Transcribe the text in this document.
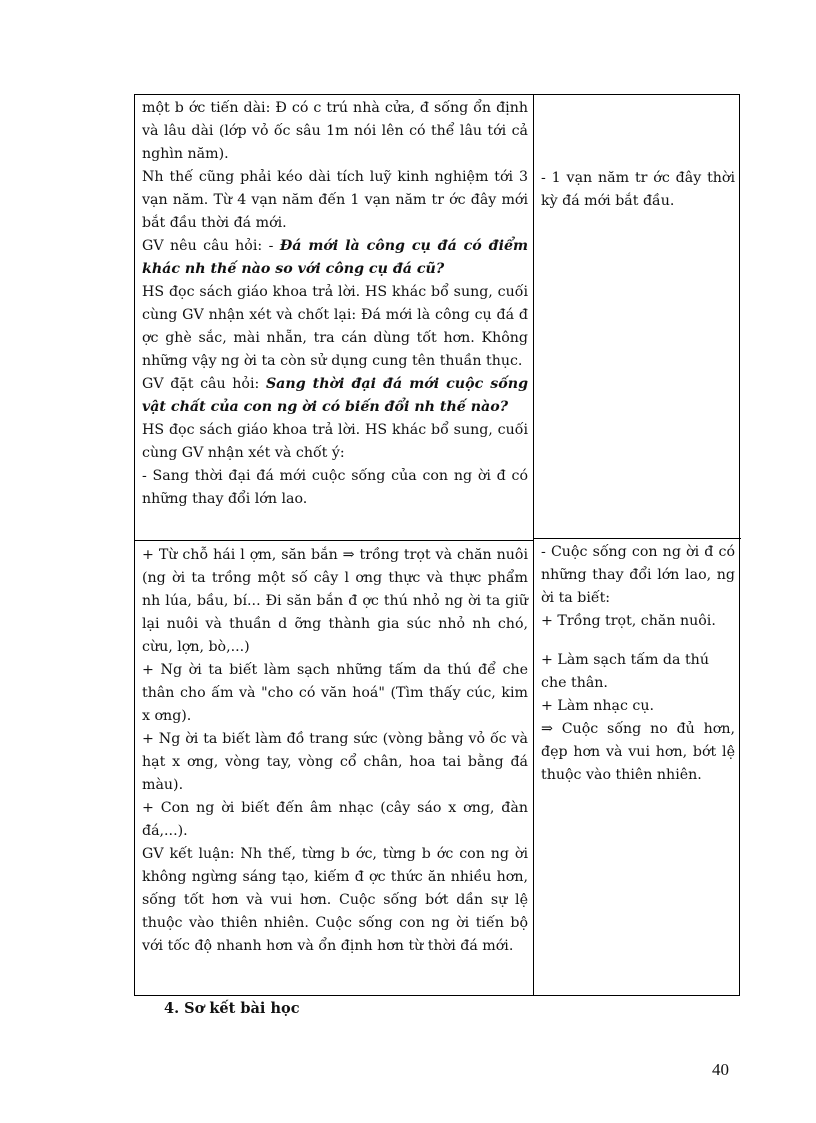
một b ớc tiến dài: Đ có c trú nhà cửa, đ sống ổn định và lâu dài (lớp vỏ ốc sâu 1m nói lên có thể lâu tới cả nghìn năm).

Nh thế cũng phải kéo dài tích luỹ kinh nghiệm tới 3 vạn năm. Từ 4 vạn năm đến 1 vạn năm tr ớc đây mới bắt đầu thời đá mới.

GV nêu câu hỏi: - Đá mới là công cụ đá có điểm khác nh thế nào so với công cụ đá cũ?

HS đọc sách giáo khoa trả lời. HS khác bổ sung, cuối cùng GV nhận xét và chốt lại: Đá mới là công cụ đá đ ợc ghè sắc, mài nhẵn, tra cán dùng tốt hơn. Không những vậy ng ời ta còn sử dụng cung tên thuần thục.

GV đặt câu hỏi: Sang thời đại đá mới cuộc sống vật chất của con ng ời có biến đổi nh thế nào?

HS đọc sách giáo khoa trả lời. HS khác bổ sung, cuối cùng GV nhận xét và chốt ý:

- Sang thời đại đá mới cuộc sống của con ng ời đ có những thay đổi lớn lao.

+ Từ chỗ hái l ợm, săn bắn ⇒ trồng trọt và chăn nuôi (ng ời ta trồng một số cây l ơng thực và thực phẩm nh lúa, bầu, bí... Đi săn bắn đ ợc thú nhỏ ng ời ta giữ lại nuôi và thuần d ỡng thành gia súc nhỏ nh chó, cừu, lợn, bò,...)

+ Ng ời ta biết làm sạch những tấm da thú để che thân cho ấm và "cho có văn hoá" (Tìm thấy cúc, kim x ơng).

+ Ng ời ta biết làm đồ trang sức (vòng bằng vỏ ốc và hạt x ơng, vòng tay, vòng cổ chân, hoa tai bằng đá màu).

+ Con ng ời biết đến âm nhạc (cây sáo x ơng, đàn đá,...).

GV kết luận: Nh thế, từng b ớc, từng b ớc con ng ời không ngừng sáng tạo, kiếm đ ợc thức ăn nhiều hơn, sống tốt hơn và vui hơn. Cuộc sống bớt dần sự lệ thuộc vào thiên nhiên. Cuộc sống con ng ời tiến bộ với tốc độ nhanh hơn và ổn định hơn từ thời đá mới.

- 1 vạn năm tr ớc đây thời kỳ đá mới bắt đầu.

- Cuộc sống con ng ời đ có những thay đổi lớn lao, ng ời ta biết:

+ Trồng trọt, chăn nuôi.

+ Làm sạch tấm da thú che thân.

+ Làm nhạc cụ.

⇒ Cuộc sống no đủ hơn, đẹp hơn và vui hơn, bớt lệ thuộc vào thiên nhiên.

4. Sơ kết bài học
40
